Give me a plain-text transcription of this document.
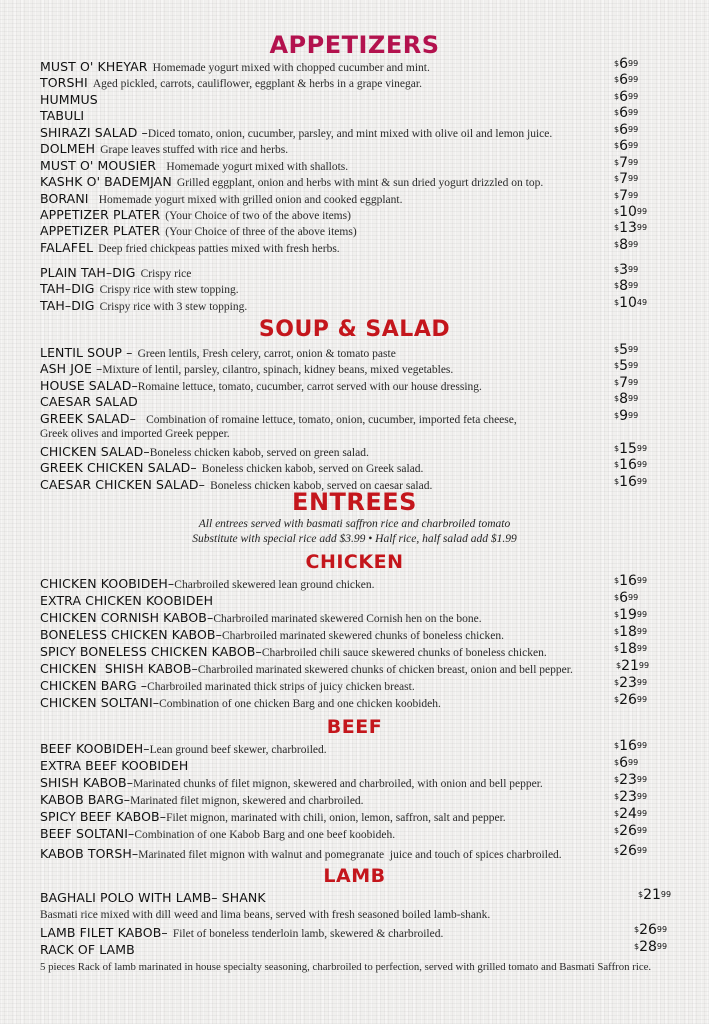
APPETIZERS
MUST O' KHEYAR Homemade yogurt mixed with chopped cucumber and mint.	$^{\$}6^{99}$
TORSHI Aged pickled, carrots, cauliflower, eggplant & herbs in a grape vinegar.	$^{\$}6^{99}$
HUMMUS	$^{\$}6^{99}$
TABULI	$^{\$}6^{99}$
SHIRAZI SALAD –Diced tomato, onion, cucumber, parsley, and mint mixed with olive oil and lemon juice.	$^{\$}6^{99}$
DOLMEH Grape leaves stuffed with rice and herbs.	$^{\$}6^{99}$
MUST O' MOUSIER Homemade yogurt mixed with shallots.	$^{\$}7^{99}$
KASHK O' BADEMJAN Grilled eggplant, onion and herbs with mint & sun dried yogurt drizzled on top.	$^{\$}7^{99}$
BORANI Homemade yogurt mixed with grilled onion and cooked eggplant.	$^{\$}7^{99}$
APPETIZER PLATER (Your Choice of two of the above items)	$^{\$}10^{99}$
APPETIZER PLATER (Your Choice of three of the above items)	$^{\$}13^{99}$
FALAFEL Deep fried chickpeas patties mixed with fresh herbs.	$^{\$}8^{99}$
PLAIN TAH–DIG Crispy rice	$^{\$}3^{99}$
TAH–DIG Crispy rice with stew topping.	$^{\$}8^{99}$
TAH–DIG Crispy rice with 3 stew topping.	$^{\$}10^{49}$
SOUP & SALAD
LENTIL SOUP – Green lentils, Fresh celery, carrot, onion & tomato paste	$^{\$}5^{99}$
ASH JOE –Mixture of lentil, parsley, cilantro, spinach, kidney beans, mixed vegetables.	$^{\$}5^{99}$
HOUSE SALAD–Romaine lettuce, tomato, cucumber, carrot served with our house dressing.	$^{\$}7^{99}$
CAESAR SALAD	$^{\$}8^{99}$
GREEK SALAD– Combination of romaine lettuce, tomato, onion, cucumber, imported feta cheese,	$^{\$}9^{99}$
Greek olives and imported Greek pepper.
CHICKEN SALAD–Boneless chicken kabob, served on green salad.	$^{\$}15^{99}$
GREEK CHICKEN SALAD– Boneless chicken kabob, served on Greek salad.	$^{\$}16^{99}$
CAESAR CHICKEN SALAD– Boneless chicken kabob, served on caesar salad.	$^{\$}16^{99}$
ENTREES
All entrees served with basmati saffron rice and charbroiled tomato
Substitute with special rice add $3.99 • Half rice, half salad add $1.99
CHICKEN
CHICKEN KOOBIDEH–Charbroiled skewered lean ground chicken.	$^{\$}16^{99}$
EXTRA CHICKEN KOOBIDEH	$^{\$}6^{99}$
CHICKEN CORNISH KABOB–Charbroiled marinated skewered Cornish hen on the bone.	$^{\$}19^{99}$
BONELESS CHICKEN KABOB–Charbroiled marinated skewered chunks of boneless chicken.	$^{\$}18^{99}$
SPICY BONELESS CHICKEN KABOB–Charbroiled chili sauce skewered chunks of boneless chicken.	$^{\$}18^{99}$
CHICKEN  SHISH KABOB–Charbroiled marinated skewered chunks of chicken breast, onion and bell pepper.	$^{\$}21^{99}$
CHICKEN BARG –Charbroiled marinated thick strips of juicy chicken breast.	$^{\$}23^{99}$
CHICKEN SOLTANI–Combination of one chicken Barg and one chicken koobideh.	$^{\$}26^{99}$
BEEF
BEEF KOOBIDEH–Lean ground beef skewer, charbroiled.	$^{\$}16^{99}$
EXTRA BEEF KOOBIDEH	$^{\$}6^{99}$
SHISH KABOB–Marinated chunks of filet mignon, skewered and charbroiled, with onion and bell pepper.	$^{\$}23^{99}$
KABOB BARG–Marinated filet mignon, skewered and charbroiled.	$^{\$}23^{99}$
SPICY BEEF KABOB–Filet mignon, marinated with chili, onion, lemon, saffron, salt and pepper.	$^{\$}24^{99}$
BEEF SOLTANI–Combination of one Kabob Barg and one beef koobideh.	$^{\$}26^{99}$
KABOB TORSH–Marinated filet mignon with walnut and pomegranate  juice and touch of spices charbroiled.	$^{\$}26^{99}$
LAMB
BAGHALI POLO WITH LAMB– SHANK	$^{\$}21^{99}$
Basmati rice mixed with dill weed and lima beans, served with fresh seasoned boiled lamb-shank.
LAMB FILET KABOB– Filet of boneless tenderloin lamb, skewered & charbroiled.	$^{\$}26^{99}$
RACK OF LAMB	$^{\$}28^{99}$
5 pieces Rack of lamb marinated in house specialty seasoning, charbroiled to perfection, served with grilled tomato and Basmati Saffron rice.
